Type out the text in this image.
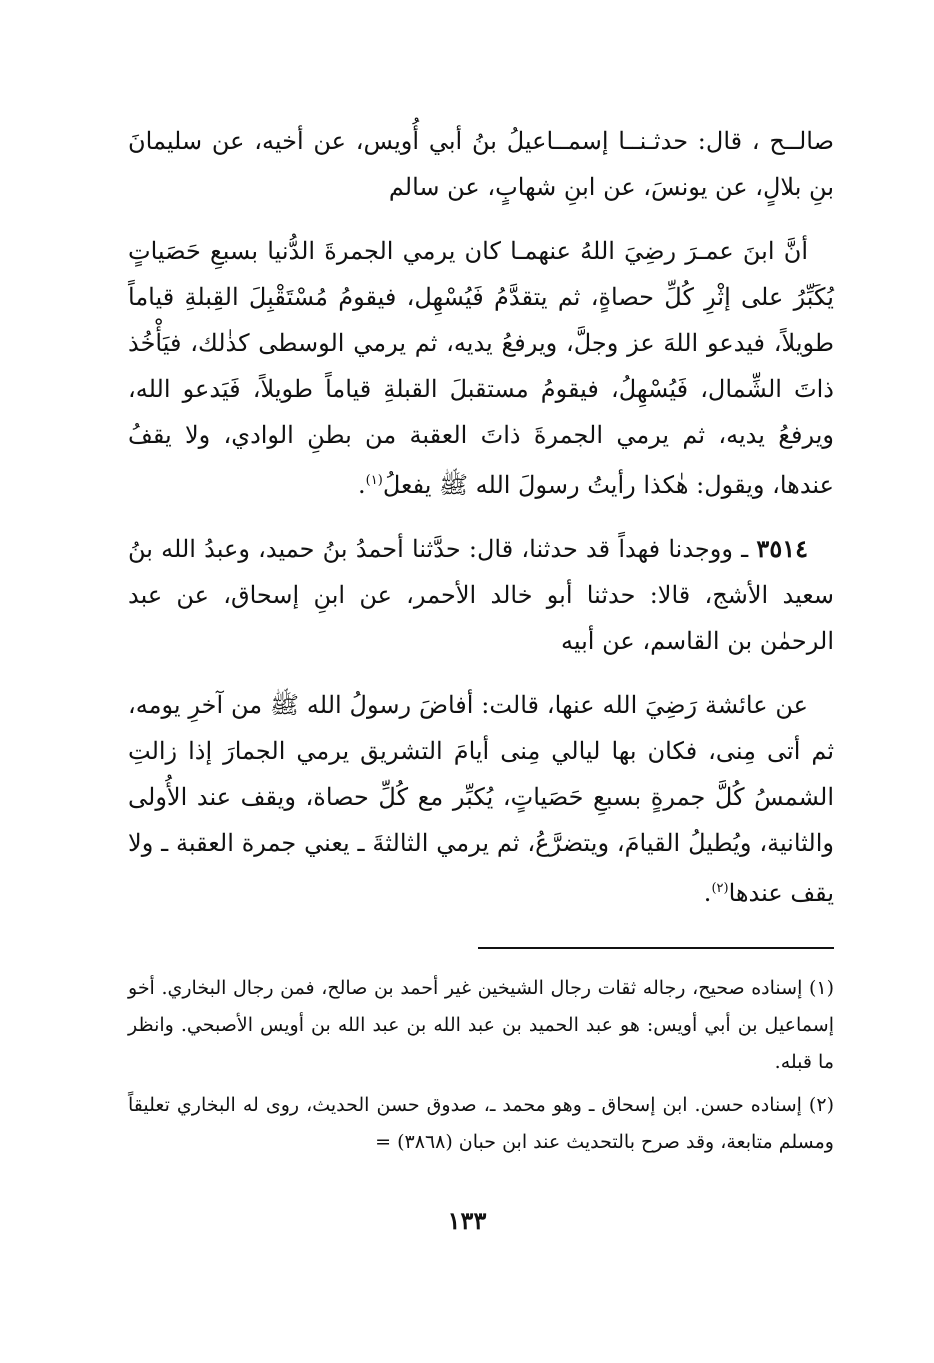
صالــح ، قال: حدثـنــا إسمــاعيلُ بنُ أبي أُويس، عن أخيه، عن سليمانَ بنِ بلالٍ، عن يونسَ، عن ابنِ شهابٍ، عن سالم

أنَّ ابنَ عمـرَ رضِيَ اللهُ عنهمـا كان يرمي الجمرةَ الدُّنيا بسبعِ حَصَياتٍ يُكَبِّرُ على إثْرِ كُلِّ حصاةٍ، ثم يتقدَّمُ فَيُسْهِل، فيقومُ مُسْتَقْبِلَ القِبلةِ قياماً طويلاً، فيدعو اللهَ عز وجلَّ، ويرفعُ يديه، ثم يرمي الوسطى كذٰلك، فيَأْخُذ ذاتَ الشِّمال، فَيُسْهِلُ، فيقومُ مستقبلَ القبلةِ قياماً طويلاً، فَيَدعو الله، ويرفعُ يديه، ثم يرمي الجمرةَ ذاتَ العقبة من بطنِ الوادي، ولا يقفُ عندها، ويقول: هٰكذا رأيتُ رسولَ الله ﷺ يفعلُ$^{(١)}$.

٣٥١٤ ـ ووجدنا فهداً قد حدثنا، قال: حدَّثنا أحمدُ بنُ حميد، وعبدُ الله بنُ سعيد الأشج، قالا: حدثنا أبو خالد الأحمر، عن ابنِ إسحاق، عن عبد الرحمٰن بن القاسم، عن أبيه

عن عائشة رَضِيَ الله عنها، قالت: أفاضَ رسولُ الله ﷺ من آخرِ يومه، ثم أتى مِنى، فكان بها ليالي مِنى أيامَ التشريق يرمي الجمارَ إذا زالتِ الشمسُ كُلَّ جمرةٍ بسبعِ حَصَياتٍ، يُكبِّر مع كُلِّ حصاة، ويقف عند الأُولى والثانية، ويُطيلُ القيامَ، ويتضرَّعُ، ثم يرمي الثالثةَ ـ يعني جمرة العقبة ـ ولا يقف عندها$^{(٢)}$.

(١) إسناده صحيح، رجاله ثقات رجال الشيخين غير أحمد بن صالح، فمن رجال البخاري. أخو إسماعيل بن أبي أويس: هو عبد الحميد بن عبد الله بن عبد الله بن أويس الأصبحي. وانظر ما قبله.

(٢) إسناده حسن. ابن إسحاق ـ وهو محمد ـ، صدوق حسن الحديث، روى له البخاري تعليقاً ومسلم متابعة، وقد صرح بالتحديث عند ابن حبان (٣٨٦٨) =

١٣٣
